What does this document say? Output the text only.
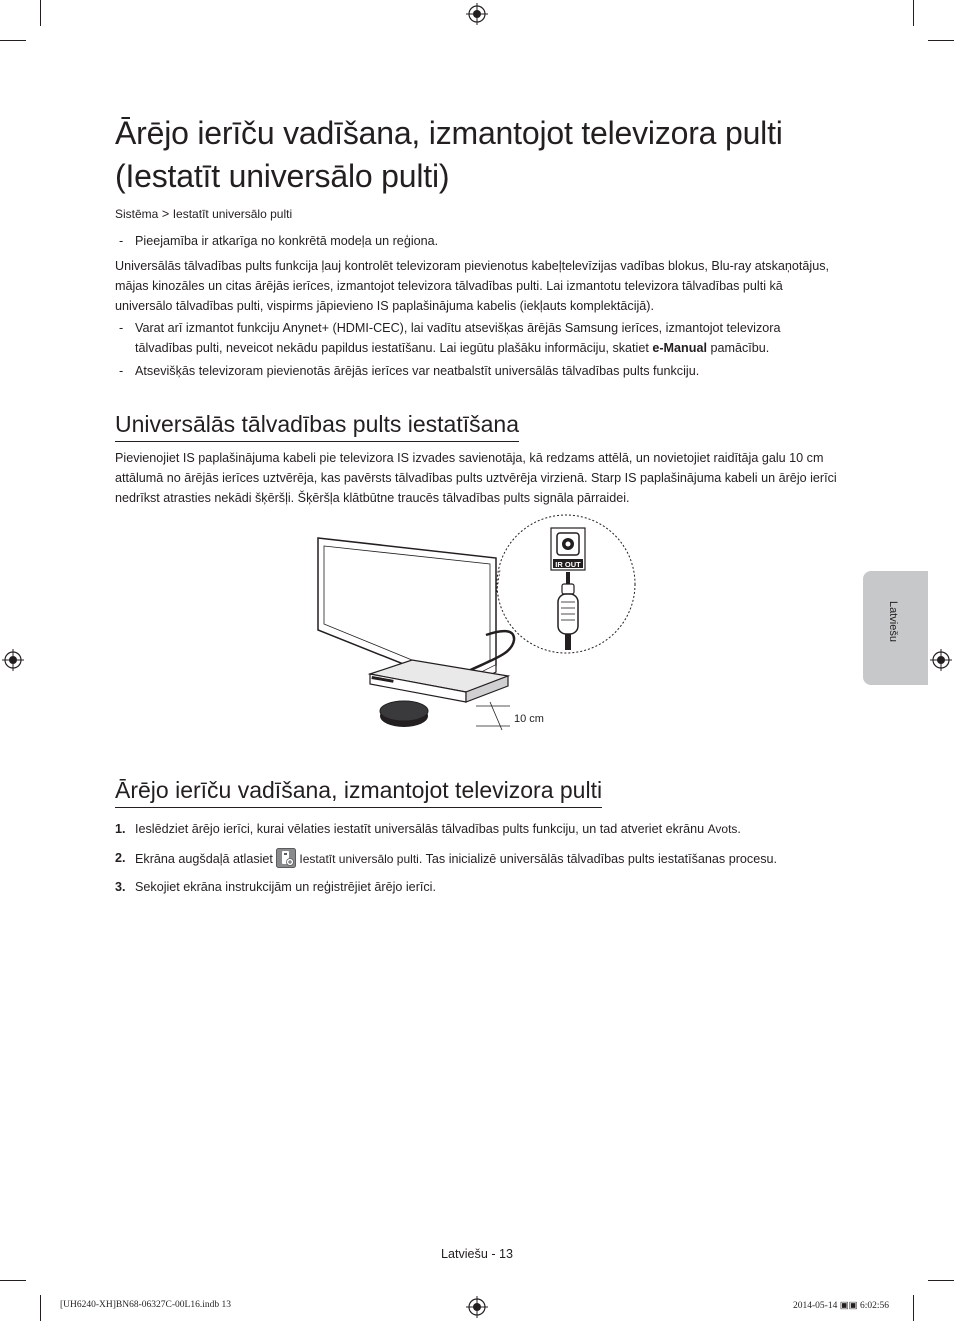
Ārējo ierīču vadīšana, izmantojot televizora pulti
(Iestatīt universālo pulti)
Sistēma > Iestatīt universālo pulti
- Pieejamība ir atkarīga no konkrētā modeļa un reģiona.
Universālās tālvadības pults funkcija ļauj kontrolēt televizoram pievienotus kabeļtelevīzijas vadības blokus, Blu-ray atskaņotājus, mājas kinozāles un citas ārējās ierīces, izmantojot televizora tālvadības pulti. Lai izmantotu televizora tālvadības pulti kā universālo tālvadības pulti, vispirms jāpievieno IS paplašinājuma kabelis (iekļauts komplektācijā).
- Varat arī izmantot funkciju Anynet+ (HDMI-CEC), lai vadītu atsevišķas ārējās Samsung ierīces, izmantojot televizora tālvadības pulti, neveicot nekādu papildus iestatīšanu. Lai iegūtu plašāku informāciju, skatiet e-Manual pamācību.
- Atsevišķās televizoram pievienotās ārējās ierīces var neatbalstīt universālās tālvadības pults funkciju.
Universālās tālvadības pults iestatīšana
Pievienojiet IS paplašinājuma kabeli pie televizora IS izvades savienotāja, kā redzams attēlā, un novietojiet raidītāja galu 10 cm attālumā no ārējās ierīces uztvērēja, kas pavērsts tālvadības pults uztvērēja virzienā. Starp IS paplašinājuma kabeli un ārējo ierīci nedrīkst atrasties nekādi šķēršļi. Šķēršļa klātbūtne traucēs tālvadības pults signāla pārraidei.
10 cm
IR OUT
Ārējo ierīču vadīšana, izmantojot televizora pulti
1. Ieslēdziet ārējo ierīci, kurai vēlaties iestatīt universālās tālvadības pults funkciju, un tad atveriet ekrānu Avots.
2. Ekrāna augšdaļā atlasiet Iestatīt universālo pulti. Tas inicializē universālās tālvadības pults iestatīšanas procesu.
3. Sekojiet ekrāna instrukcijām un reģistrējiet ārējo ierīci.
Latviešu
Latviešu - 13
[UH6240-XH]BN68-06327C-00L16.indb 13	2014-05-14 ▣▣ 6:02:56
